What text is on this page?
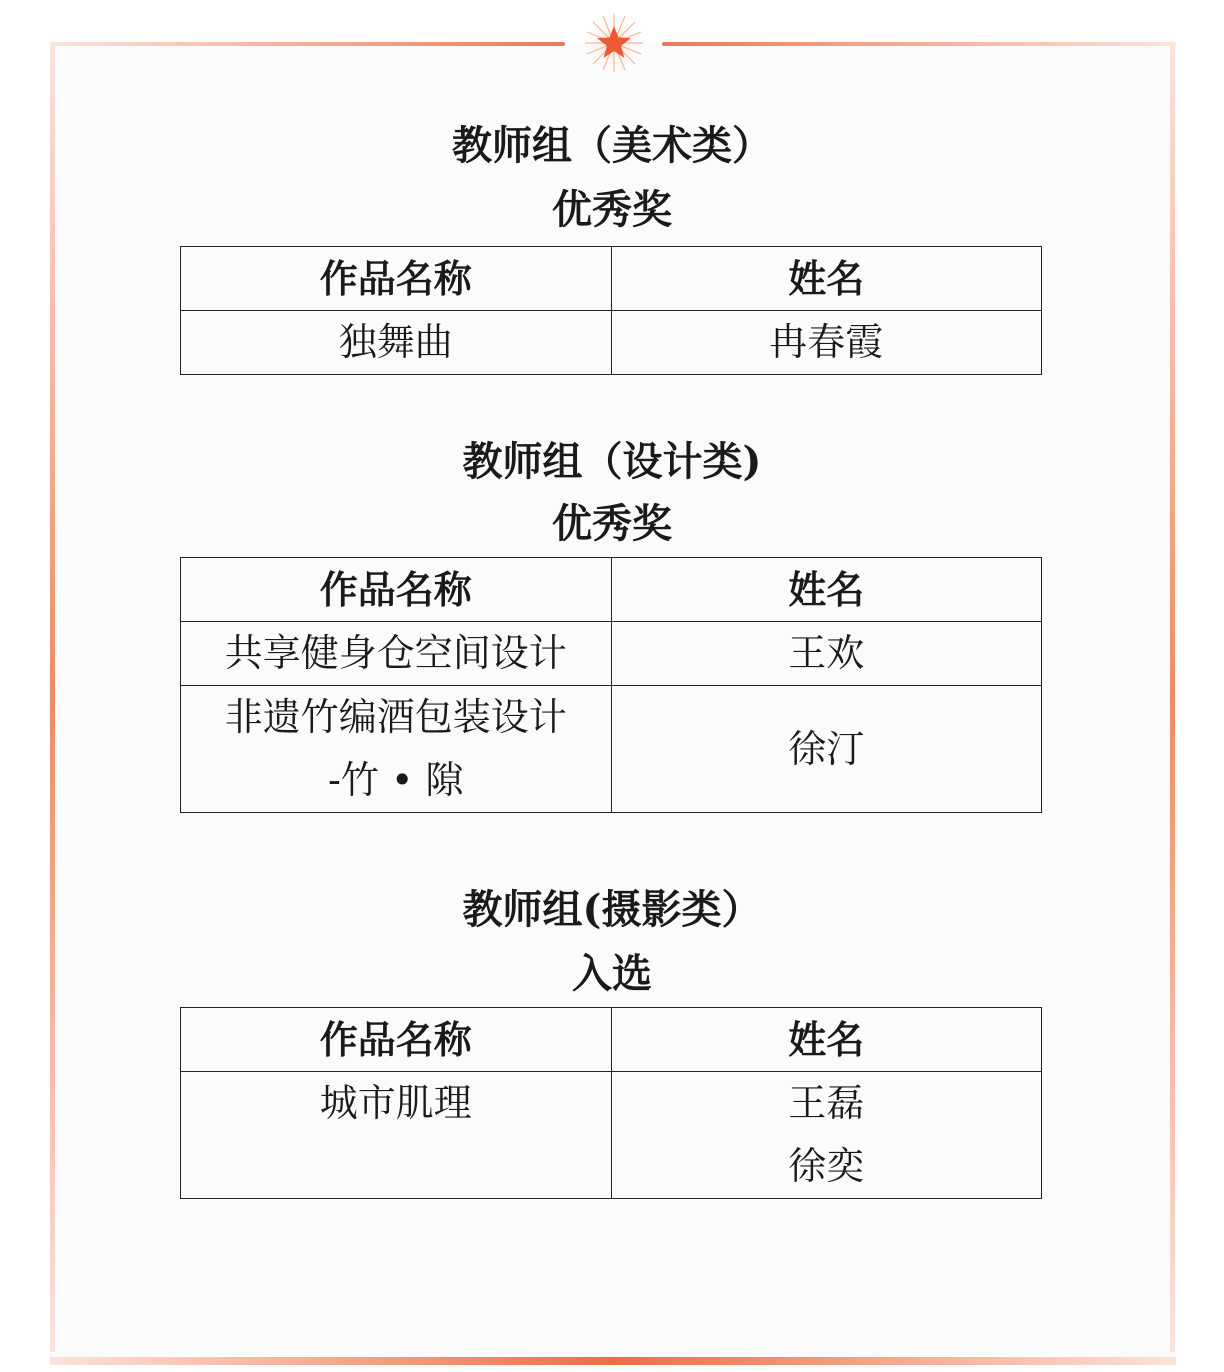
教师组（美术类）
优秀奖
作品名称	姓名
独舞曲	冉春霞
教师组（设计类)
优秀奖
作品名称	姓名
共享健身仓空间设计	王欢

非遗竹编酒包装设计
-竹 • 隙	徐汀
教师组(摄影类）
入选
作品名称	姓名
城市肌理	王磊
徐奕
